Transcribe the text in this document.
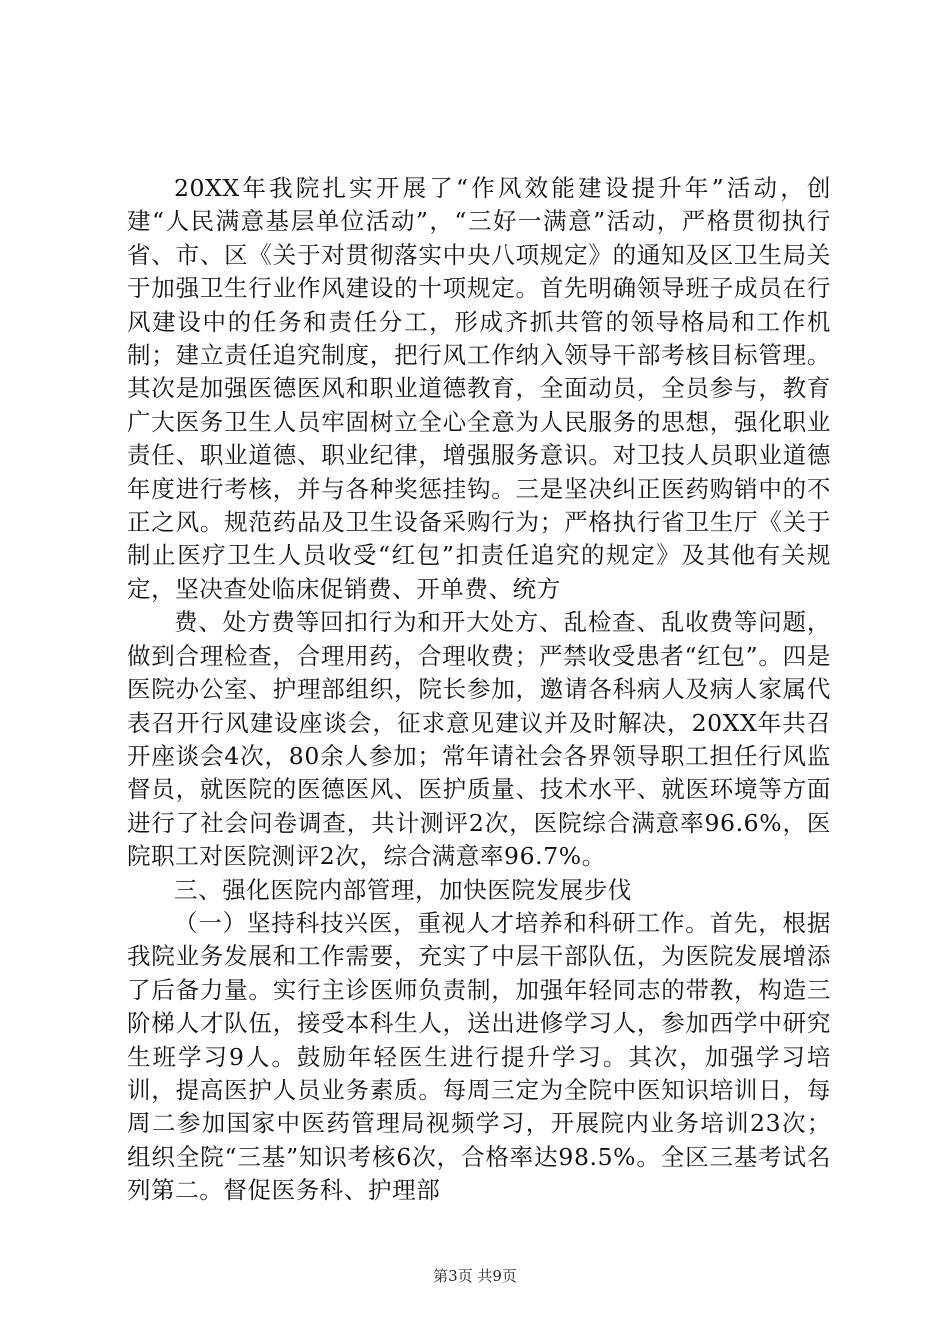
20XX年我院扎实开展了“作风效能建设提升年”活动，创建“人民满意基层单位活动”，“三好一满意”活动，严格贯彻执行省、市、区《关于对贯彻落实中央八项规定》的通知及区卫生局关于加强卫生行业作风建设的十项规定。首先明确领导班子成员在行风建设中的任务和责任分工，形成齐抓共管的领导格局和工作机制；建立责任追究制度，把行风工作纳入领导干部考核目标管理。其次是加强医德医风和职业道德教育，全面动员，全员参与，教育广大医务卫生人员牢固树立全心全意为人民服务的思想，强化职业责任、职业道德、职业纪律，增强服务意识。对卫技人员职业道德年度进行考核，并与各种奖惩挂钩。三是坚决纠正医药购销中的不正之风。规范药品及卫生设备采购行为；严格执行省卫生厅《关于制止医疗卫生人员收受“红包”扣责任追究的规定》及其他有关规定，坚决查处临床促销费、开单费、统方

费、处方费等回扣行为和开大处方、乱检查、乱收费等问题，做到合理检查，合理用药，合理收费；严禁收受患者“红包”。四是医院办公室、护理部组织，院长参加，邀请各科病人及病人家属代表召开行风建设座谈会，征求意见建议并及时解决，20XX年共召开座谈会4次，80余人参加；常年请社会各界领导职工担任行风监督员，就医院的医德医风、医护质量、技术水平、就医环境等方面进行了社会问卷调查，共计测评2次，医院综合满意率96.6%，医院职工对医院测评2次，综合满意率96.7%。

三、强化医院内部管理，加快医院发展步伐

（一）坚持科技兴医，重视人才培养和科研工作。首先，根据我院业务发展和工作需要，充实了中层干部队伍，为医院发展增添了后备力量。实行主诊医师负责制，加强年轻同志的带教，构造三阶梯人才队伍，接受本科生人，送出进修学习人，参加西学中研究生班学习9人。鼓励年轻医生进行提升学习。其次，加强学习培训，提高医护人员业务素质。每周三定为全院中医知识培训日，每周二参加国家中医药管理局视频学习，开展院内业务培训23次；组织全院“三基”知识考核6次，合格率达98.5%。全区三基考试名列第二。督促医务科、护理部

第3页 共9页
